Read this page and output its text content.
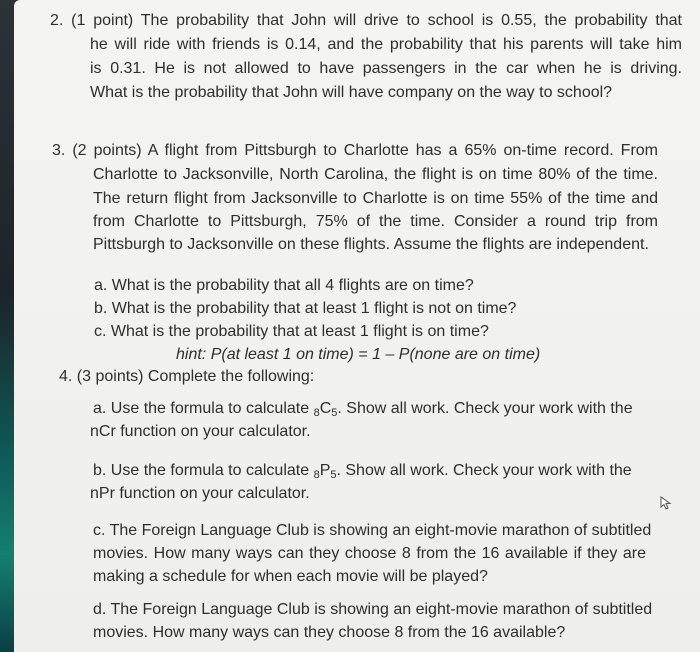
2. (1 point) The probability that John will drive to school is 0.55, the probability that
he will ride with friends is 0.14, and the probability that his parents will take him
is 0.31. He is not allowed to have passengers in the car when he is driving.
What is the probability that John will have company on the way to school?
3. (2 points) A flight from Pittsburgh to Charlotte has a 65% on-time record. From
Charlotte to Jacksonville, North Carolina, the flight is on time 80% of the time.
The return flight from Jacksonville to Charlotte is on time 55% of the time and
from Charlotte to Pittsburgh, 75% of the time. Consider a round trip from
Pittsburgh to Jacksonville on these flights. Assume the flights are independent.
a. What is the probability that all 4 flights are on time?
b. What is the probability that at least 1 flight is not on time?
c. What is the probability that at least 1 flight is on time?
hint: P(at least 1 on time) = 1 – P(none are on time)
4. (3 points) Complete the following:
a. Use the formula to calculate $_8C_5$. Show all work. Check your work with the
nCr function on your calculator.
b. Use the formula to calculate $_8P_5$. Show all work. Check your work with the
nPr function on your calculator.
c. The Foreign Language Club is showing an eight-movie marathon of subtitled
movies. How many ways can they choose 8 from the 16 available if they are
making a schedule for when each movie will be played?
d. The Foreign Language Club is showing an eight-movie marathon of subtitled
movies. How many ways can they choose 8 from the 16 available?
